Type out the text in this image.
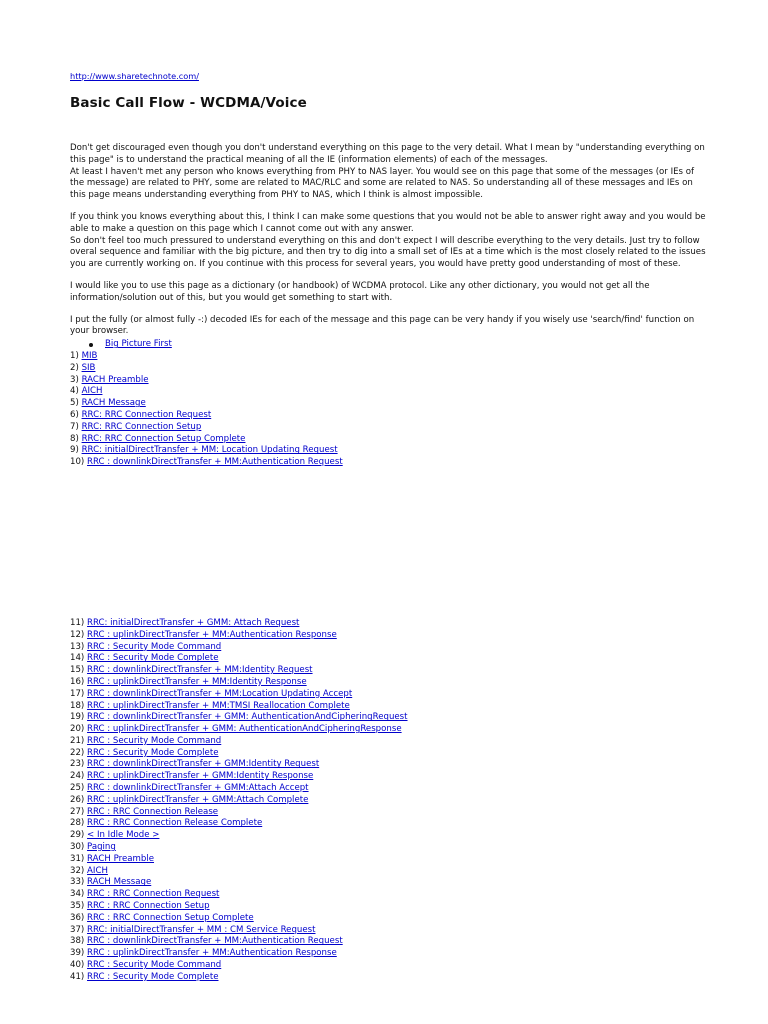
http://www.sharetechnote.com/
Basic Call Flow - WCDMA/Voice

Don't get discouraged even though you don't understand everything on this page to the very detail. What I mean by "understanding everything on this page" is to understand the practical meaning of all the IE (information elements) of each of the messages.

At least I haven't met any person who knows everything from PHY to NAS layer. You would see on this page that some of the messages (or IEs of the message) are related to PHY, some are related to MAC/RLC and some are related to NAS. So understanding all of these messages and IEs on this page means understanding everything from PHY to NAS, which I think is almost impossible.

If you think you knows everything about this, I think I can make some questions that you would not be able to answer right away and you would be able to make a question on this page which I cannot come out with any answer.

So don't feel too much pressured to understand everything on this and don't expect I will describe everything to the very details. Just try to follow overal sequence and familiar with the big picture, and then try to dig into a small set of IEs at a time which is the most closely related to the issues you are currently working on. If you continue with this process for several years, you would have pretty good understanding of most of these.

I would like you to use this page as a dictionary (or handbook) of WCDMA protocol. Like any other dictionary, you would not get all the information/solution out of this, but you would get something to start with.

I put the fully (or almost fully -:) decoded IEs for each of the message and this page can be very handy if you wisely use 'search/find' function on your browser.

Big Picture First
1) MIB
2) SIB
3) RACH Preamble
4) AICH
5) RACH Message
6) RRC: RRC Connection Request
7) RRC: RRC Connection Setup
8) RRC: RRC Connection Setup Complete
9) RRC: initialDirectTransfer + MM: Location Updating Request
10) RRC : downlinkDirectTransfer + MM:Authentication Request
11) RRC: initialDirectTransfer + GMM: Attach Request
12) RRC : uplinkDirectTransfer + MM:Authentication Response
13) RRC : Security Mode Command
14) RRC : Security Mode Complete
15) RRC : downlinkDirectTransfer + MM:Identity Request
16) RRC : uplinkDirectTransfer + MM:Identity Response
17) RRC : downlinkDirectTransfer + MM:Location Updating Accept
18) RRC : uplinkDirectTransfer + MM:TMSI Reallocation Complete
19) RRC : downlinkDirectTransfer + GMM: AuthenticationAndCipheringRequest
20) RRC : uplinkDirectTransfer + GMM: AuthenticationAndCipheringResponse
21) RRC : Security Mode Command
22) RRC : Security Mode Complete
23) RRC : downlinkDirectTransfer + GMM:Identity Request
24) RRC : uplinkDirectTransfer + GMM:Identity Response
25) RRC : downlinkDirectTransfer + GMM:Attach Accept
26) RRC : uplinkDirectTransfer + GMM:Attach Complete
27) RRC : RRC Connection Release
28) RRC : RRC Connection Release Complete
29) < In Idle Mode >
30) Paging
31) RACH Preamble
32) AICH
33) RACH Message
34) RRC : RRC Connection Request
35) RRC : RRC Connection Setup
36) RRC : RRC Connection Setup Complete
37) RRC: initialDirectTransfer + MM : CM Service Request
38) RRC : downlinkDirectTransfer + MM:Authentication Request
39) RRC : uplinkDirectTransfer + MM:Authentication Response
40) RRC : Security Mode Command
41) RRC : Security Mode Complete
